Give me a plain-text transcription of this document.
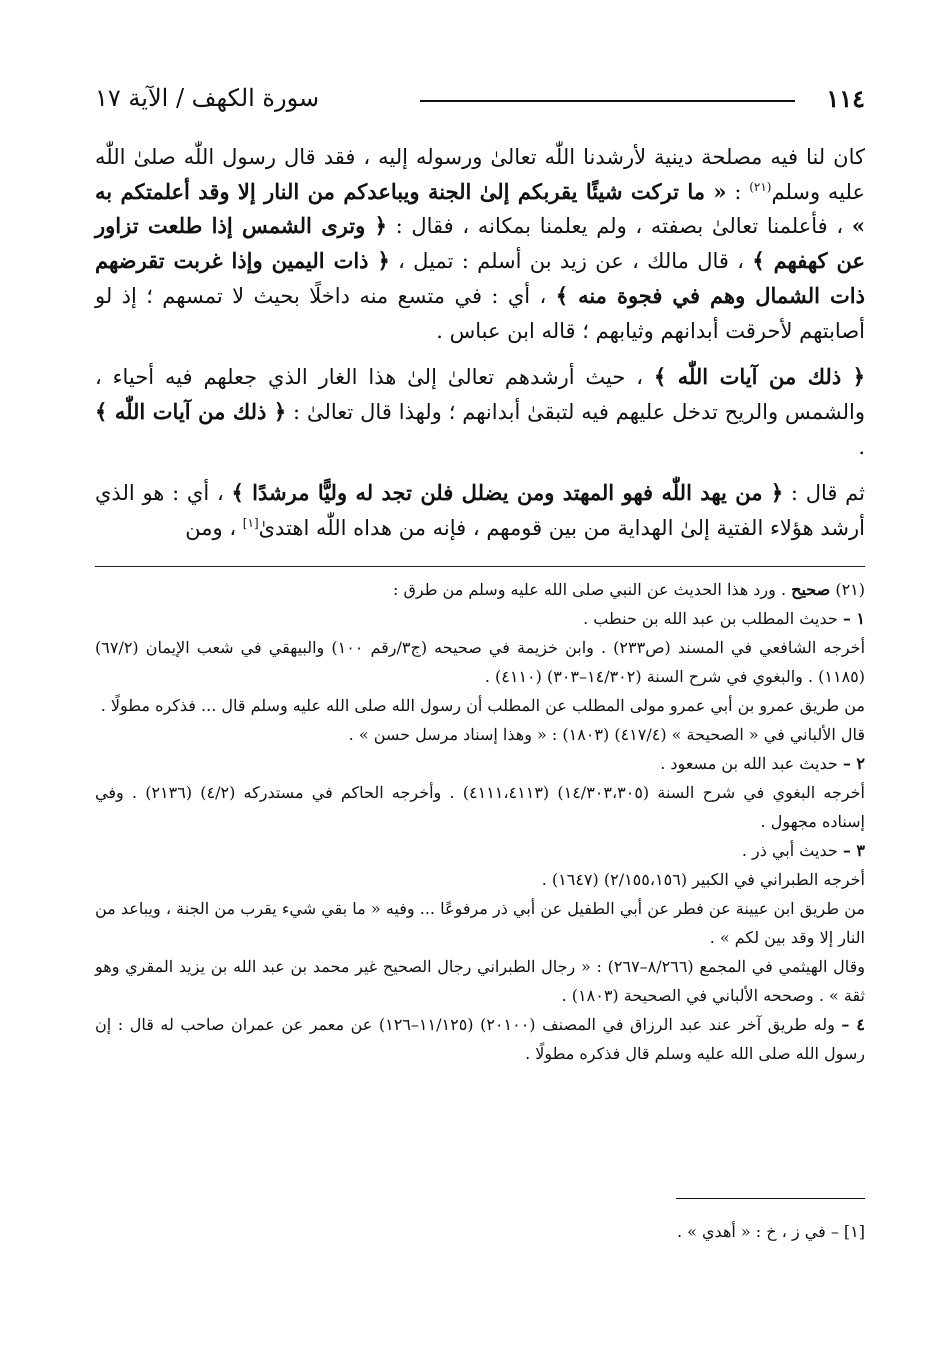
١١٤
سورة الكهف / الآية ١٧

كان لنا فيه مصلحة دينية لأرشدنا اللّٰه تعالىٰ ورسوله إليه ، فقد قال رسول اللّٰه صلىٰ اللّٰه عليه وسلم$^{(٢١)}$ : « ما تركت شيئًا يقربكم إلىٰ الجنة ويباعدكم من النار إلا وقد أعلمتكم به » ، فأعلمنا تعالىٰ بصفته ، ولم يعلمنا بمكانه ، فقال : ﴿ وترى الشمس إذا طلعت تزاور عن كهفهم ﴾ ، قال مالك ، عن زيد بن أسلم : تميل ، ﴿ ذات اليمين وإذا غربت تقرضهم ذات الشمال وهم في فجوة منه ﴾ ، أي : في متسع منه داخلًا بحيث لا تمسهم ؛ إذ لو أصابتهم لأحرقت أبدانهم وثيابهم ؛ قاله ابن عباس .

﴿ ذلك من آيات اللّٰه ﴾ ، حيث أرشدهم تعالىٰ إلىٰ هذا الغار الذي جعلهم فيه أحياء ، والشمس والريح تدخل عليهم فيه لتبقىٰ أبدانهم ؛ ولهذا قال تعالىٰ : ﴿ ذلك من آيات اللّٰه ﴾ .

ثم قال : ﴿ من يهد اللّٰه فهو المهتد ومن يضلل فلن تجد له وليًّا مرشدًا ﴾ ، أي : هو الذي أرشد هؤلاء الفتية إلىٰ الهداية من بين قومهم ، فإنه من هداه اللّٰه اهتدىٰ[١] ، ومن

(٢١) صحيح . ورد هذا الحديث عن النبي صلى الله عليه وسلم من طرق :

١ – حديث المطلب بن عبد الله بن حنطب .

أخرجه الشافعي في المسند (ص٢٣٣) . وابن خزيمة في صحيحه (ج٣/رقم ١٠٠) والبيهقي في شعب الإيمان (٦٧/٢) (١١٨٥) . والبغوي في شرح السنة (١٤/٣٠٢–٣٠٣) (٤١١٠) .

من طريق عمرو بن أبي عمرو مولى المطلب عن المطلب أن رسول الله صلى الله عليه وسلم قال ... فذكره مطولًا .

قال الألباني في « الصحيحة » (٤١٧/٤) (١٨٠٣) : « وهذا إسناد مرسل حسن » .

٢ – حديث عبد الله بن مسعود .

أخرجه البغوي في شرح السنة (١٤/٣٠٣،٣٠٥) (٤١١١،٤١١٣) . وأخرجه الحاكم في مستدركه (٤/٢) (٢١٣٦) . وفي إسناده مجهول .

٣ – حديث أبي ذر .

أخرجه الطبراني في الكبير (٢/١٥٥،١٥٦) (١٦٤٧) .

من طريق ابن عيينة عن فطر عن أبي الطفيل عن أبي ذر مرفوعًا ... وفيه « ما بقي شيء يقرب من الجنة ، ويباعد من النار إلا وقد بين لكم » .

وقال الهيثمي في المجمع (٨/٢٦٦–٢٦٧) : « رجال الطبراني رجال الصحيح غير محمد بن عبد الله بن يزيد المقري وهو ثقة » . وصححه الألباني في الصحيحة (١٨٠٣) .

٤ – وله طريق آخر عند عبد الرزاق في المصنف (٢٠١٠٠) (١١/١٢٥–١٢٦) عن معمر عن عمران صاحب له قال : إن رسول الله صلى الله عليه وسلم قال فذكره مطولًا .

[١] – في ز ، خ : « أهدي » .
